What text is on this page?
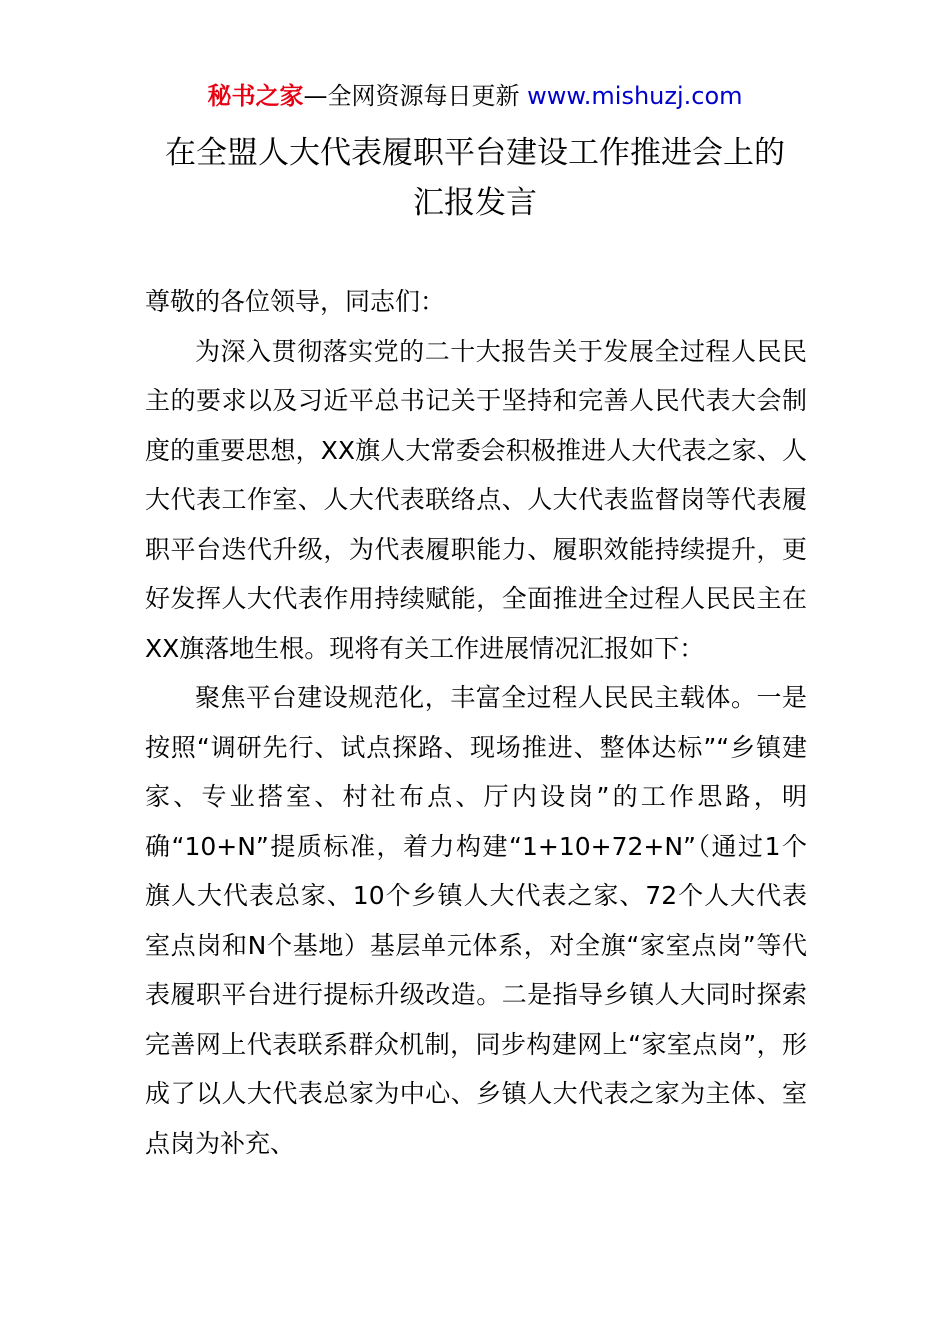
秘书之家—全网资源每日更新 www.mishuzj.com
在全盟人大代表履职平台建设工作推进会上的
汇报发言

尊敬的各位领导，同志们：

为深入贯彻落实党的二十大报告关于发展全过程人民民主的要求以及习近平总书记关于坚持和完善人民代表大会制度的重要思想，XX旗人大常委会积极推进人大代表之家、人大代表工作室、人大代表联络点、人大代表监督岗等代表履职平台迭代升级，为代表履职能力、履职效能持续提升，更好发挥人大代表作用持续赋能，全面推进全过程人民民主在XX旗落地生根。现将有关工作进展情况汇报如下：

聚焦平台建设规范化，丰富全过程人民民主载体。一是按照“调研先行、试点探路、现场推进、整体达标”“乡镇建家、专业搭室、村社布点、厅内设岗”的工作思路，明确“10+N”提质标准，着力构建“1+10+72+N”（通过1个旗人大代表总家、10个乡镇人大代表之家、72个人大代表室点岗和N个基地）基层单元体系，对全旗“家室点岗”等代表履职平台进行提标升级改造。二是指导乡镇人大同时探索完善网上代表联系群众机制，同步构建网上“家室点岗”，形成了以人大代表总家为中心、乡镇人大代表之家为主体、室点岗为补充、
